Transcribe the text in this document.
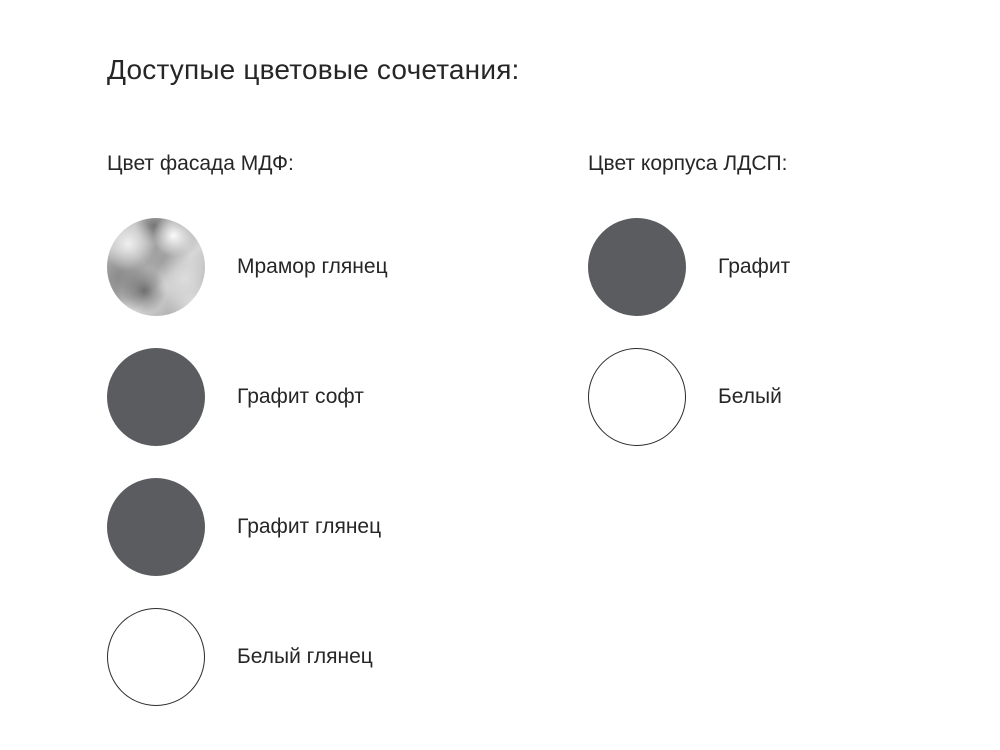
Доступые цветовые сочетания:
Цвет фасада МДФ:
Мрамор глянец
Графит софт
Графит глянец
Белый глянец
Цвет корпуса ЛДСП:
Графит
Белый
